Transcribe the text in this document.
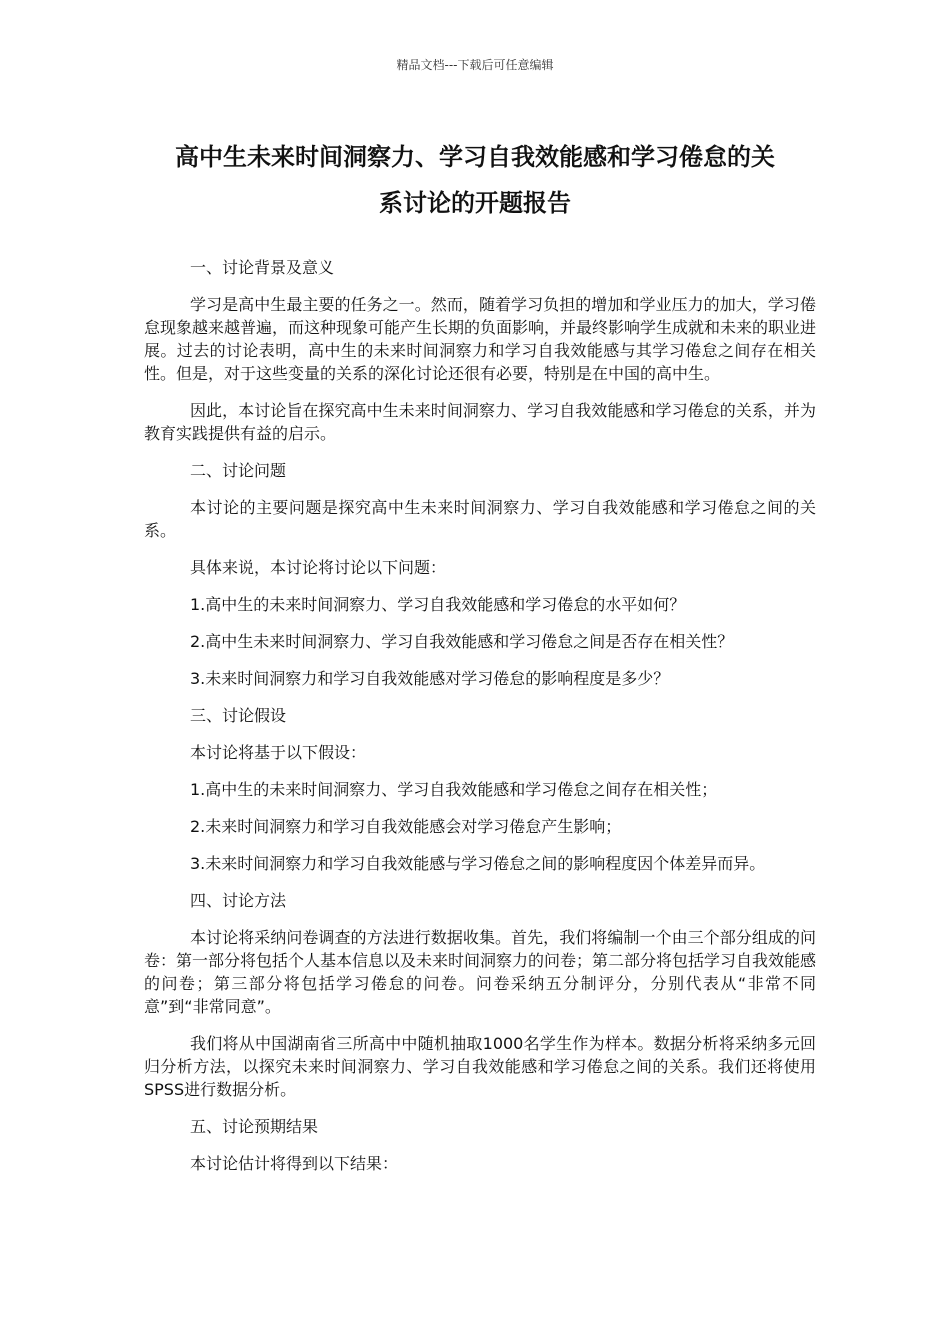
精品文档---下载后可任意编辑
高中生未来时间洞察力、学习自我效能感和学习倦怠的关
系讨论的开题报告

一、讨论背景及意义

学习是高中生最主要的任务之一。然而，随着学习负担的增加和学业压力的加大，学习倦怠现象越来越普遍，而这种现象可能产生长期的负面影响，并最终影响学生成就和未来的职业进展。过去的讨论表明，高中生的未来时间洞察力和学习自我效能感与其学习倦怠之间存在相关性。但是，对于这些变量的关系的深化讨论还很有必要，特别是在中国的高中生。

因此，本讨论旨在探究高中生未来时间洞察力、学习自我效能感和学习倦怠的关系，并为教育实践提供有益的启示。

二、讨论问题

本讨论的主要问题是探究高中生未来时间洞察力、学习自我效能感和学习倦怠之间的关系。

具体来说，本讨论将讨论以下问题：

1.高中生的未来时间洞察力、学习自我效能感和学习倦怠的水平如何？

2.高中生未来时间洞察力、学习自我效能感和学习倦怠之间是否存在相关性？

3.未来时间洞察力和学习自我效能感对学习倦怠的影响程度是多少？

三、讨论假设

本讨论将基于以下假设：

1.高中生的未来时间洞察力、学习自我效能感和学习倦怠之间存在相关性；

2.未来时间洞察力和学习自我效能感会对学习倦怠产生影响；

3.未来时间洞察力和学习自我效能感与学习倦怠之间的影响程度因个体差异而异。

四、讨论方法

本讨论将采纳问卷调查的方法进行数据收集。首先，我们将编制一个由三个部分组成的问卷：第一部分将包括个人基本信息以及未来时间洞察力的问卷；第二部分将包括学习自我效能感的问卷；第三部分将包括学习倦怠的问卷。问卷采纳五分制评分，分别代表从“非常不同意”到“非常同意”。

我们将从中国湖南省三所高中中随机抽取1000名学生作为样本。数据分析将采纳多元回归分析方法，以探究未来时间洞察力、学习自我效能感和学习倦怠之间的关系。我们还将使用SPSS进行数据分析。

五、讨论预期结果

本讨论估计将得到以下结果：
